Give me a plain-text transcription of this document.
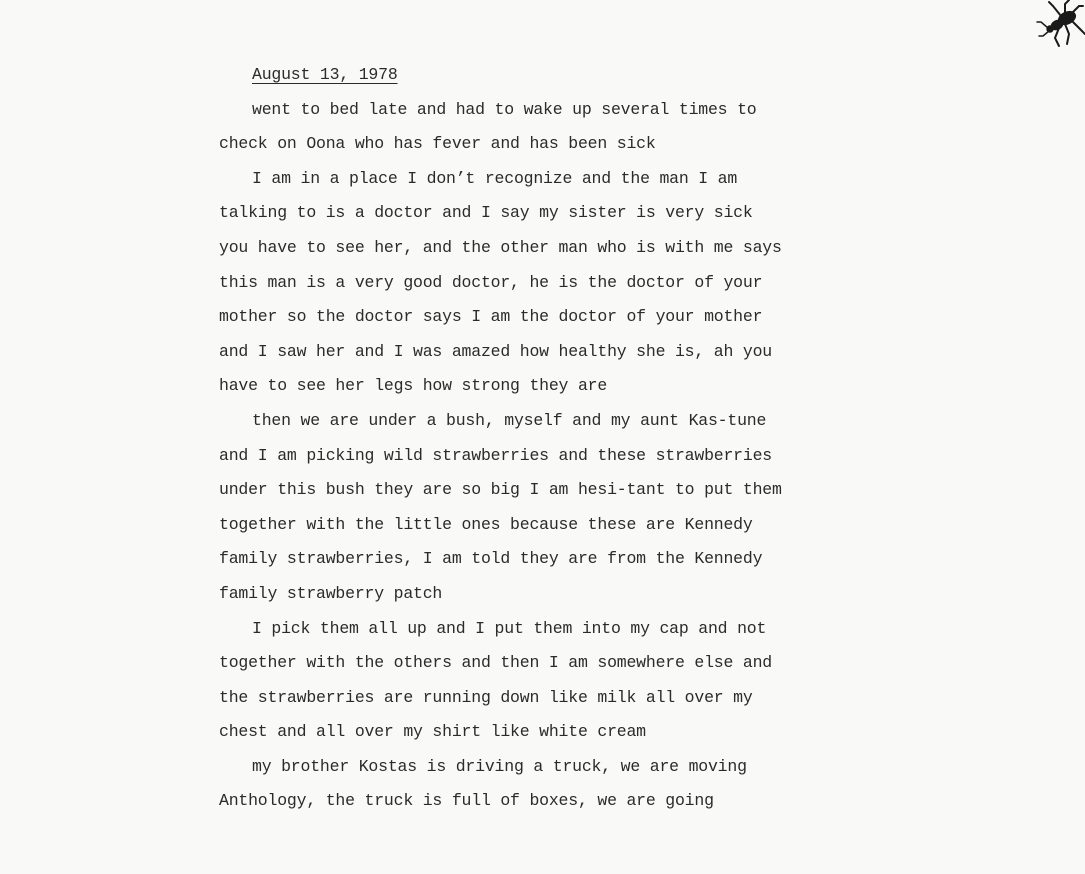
August 13, 1978
went to bed late and had to wake up several times to
check on Oona who has fever and has been sick
I am in a place I don’t recognize and the man I am
talking to is a doctor and I say my sister is very sick
you have to see her, and the other man who is with me says
this man is a very good doctor, he is the doctor of your
mother so the doctor says I am the doctor of your mother
and I saw her and I was amazed how healthy she is, ah you
have to see her legs how strong they are
then we are under a bush, myself and my aunt Kas-tune
and I am picking wild strawberries and these strawberries
under this bush they are so big I am hesi-tant to put them
together with the little ones because these are Kennedy
family strawberries, I am told they are from the Kennedy
family strawberry patch
I pick them all up and I put them into my cap and not
together with the others and then I am somewhere else and
the strawberries are running down like milk all over my
chest and all over my shirt like white cream
my brother Kostas is driving a truck, we are moving
Anthology, the truck is full of boxes, we are going
